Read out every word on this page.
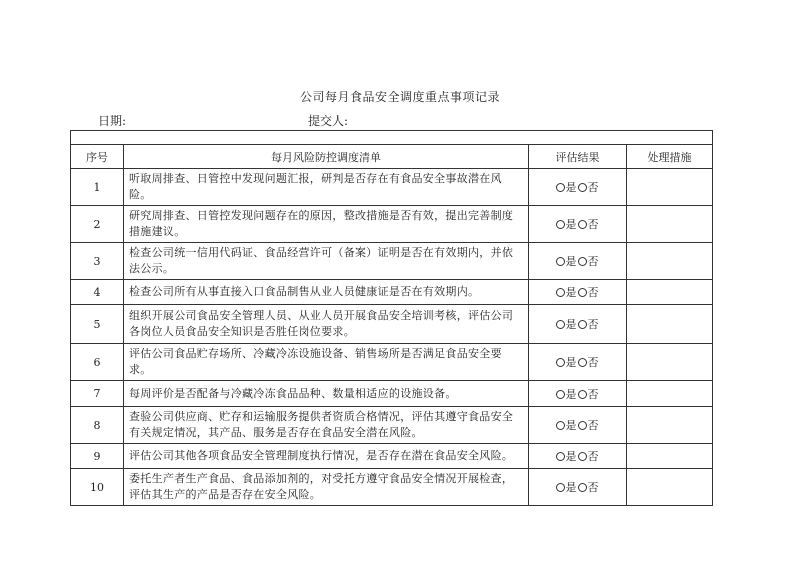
公司每月食品安全调度重点事项记录
日期:	提交人:

序号	每月风险防控调度清单	评估结果	处理措施
1	听取周排查、日管控中发现问题汇报，研判是否存在有食品安全事故潜在风险。	是 否	
2	研究周排查、日管控发现问题存在的原因，整改措施是否有效，提出完善制度措施建议。	是 否	
3	检查公司统一信用代码证、食品经营许可（备案）证明是否在有效期内，并依法公示。	是 否	
4	检查公司所有从事直接入口食品制售从业人员健康证是否在有效期内。	是 否	
5	组织开展公司食品安全管理人员、从业人员开展食品安全培训考核，评估公司各岗位人员食品安全知识是否胜任岗位要求。	是 否	
6	评估公司食品贮存场所、冷藏冷冻设施设备、销售场所是否满足食品安全要求。	是 否	
7	每周评价是否配备与冷藏冷冻食品品种、数量相适应的设施设备。	是 否	
8	查验公司供应商、贮存和运输服务提供者资质合格情况，评估其遵守食品安全有关规定情况，其产品、服务是否存在食品安全潜在风险。	是 否	
9	评估公司其他各项食品安全管理制度执行情况，是否存在潜在食品安全风险。	是 否	
10	委托生产者生产食品、食品添加剂的，对受托方遵守食品安全情况开展检查，评估其生产的产品是否存在安全风险。	是 否	
